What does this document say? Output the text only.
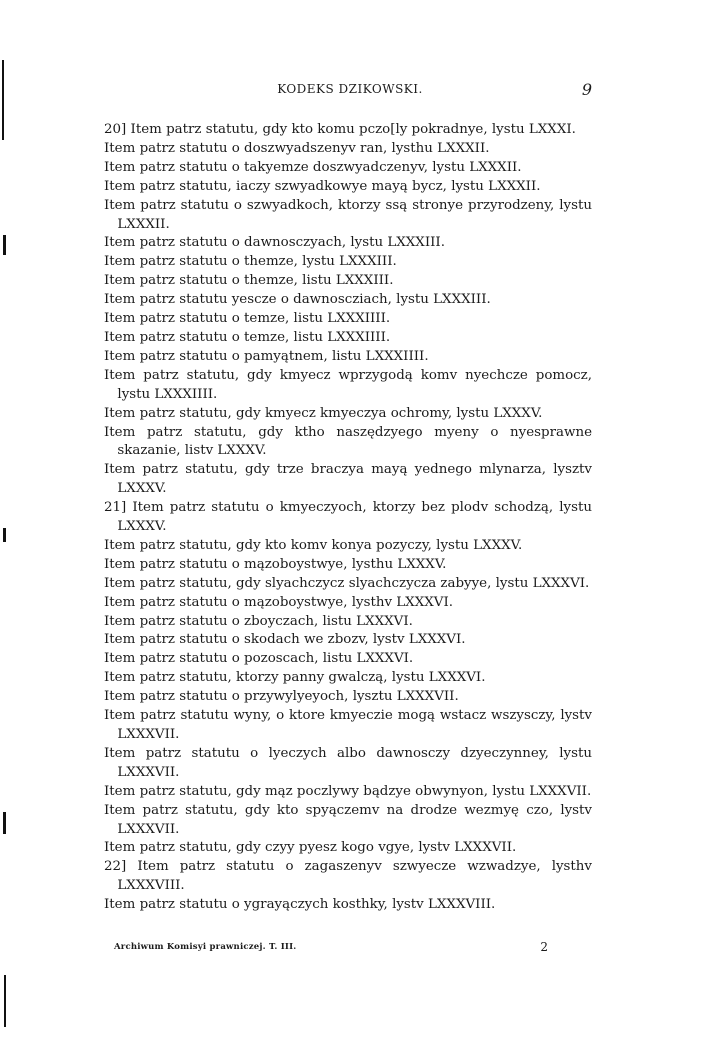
KODEKS DZIKOWSKI.	9
20] Item patrz statutu, gdy kto komu pczo[ly pokradnye, lystu LXXXI.
Item patrz statutu o doszwyadszenyv ran, lysthu LXXXII.
Item patrz statutu o takyemze doszwyadczenyv, lystu LXXXII.
Item patrz statutu, iaczy szwyadkowye mayą bycz, lystu LXXXII.
Item patrz statutu o szwyadkoch, ktorzy ssą stronye przyrodzeny, lystu LXXXII.
Item patrz statutu o dawnosczyach, lystu LXXXIII.
Item patrz statutu o themze, lystu LXXXIII.
Item patrz statutu o themze, listu LXXXIII.
Item patrz statutu yescze o dawnoscziach, lystu LXXXIII.
Item patrz statutu o temze, listu LXXXIIII.
Item patrz statutu o temze, listu LXXXIIII.
Item patrz statutu o pamyątnem, listu LXXXIIII.
Item patrz statutu, gdy kmyecz wprzygodą komv nyechcze pomocz, lystu LXXXIIII.
Item patrz statutu, gdy kmyecz kmyeczya ochromy, lystu LXXXV.
Item patrz statutu, gdy ktho naszędzyego myeny o nyesprawne skazanie, listv LXXXV.
Item patrz statutu, gdy trze braczya mayą yednego mlynarza, lysztv LXXXV.
21] Item patrz statutu o kmyeczyoch, ktorzy bez plodv schodzą, lystu LXXXV.
Item patrz statutu, gdy kto komv konya pozyczy, lystu LXXXV.
Item patrz statutu o mązoboystwye, lysthu LXXXV.
Item patrz statutu, gdy slyachczycz slyachczycza zabyye, lystu LXXXVI.
Item patrz statutu o mązoboystwye, lysthv LXXXVI.
Item patrz statutu o zboyczach, listu LXXXVI.
Item patrz statutu o skodach we zbozv, lystv LXXXVI.
Item patrz statutu o pozoscach, listu LXXXVI.
Item patrz statutu, ktorzy panny gwalczą, lystu LXXXVI.
Item patrz statutu o przywylyeyoch, lysztu LXXXVII.
Item patrz statutu wyny, o ktore kmyeczie mogą wstacz wszysczy, lystv LXXXVII.
Item patrz statutu o lyeczych albo dawnosczy dzyeczynney, lystu LXXXVII.
Item patrz statutu, gdy mąz poczlywy bądzye obwynyon, lystu LXXXVII.
Item patrz statutu, gdy kto spyączemv na drodze wezmyę czo, lystv LXXXVII.
Item patrz statutu, gdy czyy pyesz kogo vgye, lystv LXXXVII.
22] Item patrz statutu o zagaszenyv szwyecze wzwadzye, lysthv LXXXVIII.
Item patrz statutu o ygrayączych kosthky, lystv LXXXVIII.
Archiwum Komisyi prawniczej. T. III.	2
